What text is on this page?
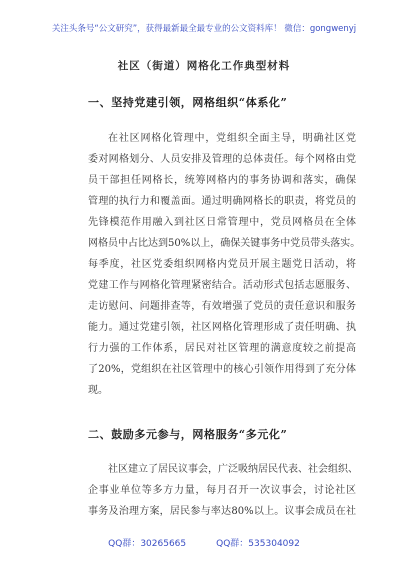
关注头条号“公文研究”，获得最新最全最专业的公文资料库！ 微信：gongwenyj
社区（街道）网格化工作典型材料
一、坚持党建引领，网格组织“体系化”
在社区网格化管理中，党组织全面主导，明确社区党
委对网格划分、人员安排及管理的总体责任。每个网格由党
员干部担任网格长，统筹网格内的事务协调和落实，确保
管理的执行力和覆盖面。通过明确网格长的职责，将党员的
先锋模范作用融入到社区日常管理中，党员网格员在全体
网格员中占比达到50%以上，确保关键事务中党员带头落实。
每季度，社区党委组织网格内党员开展主题党日活动，将
党建工作与网格化管理紧密结合。活动形式包括志愿服务、
走访慰问、问题排查等，有效增强了党员的责任意识和服务
能力。通过党建引领，社区网格化管理形成了责任明确、执
行力强的工作体系，居民对社区管理的满意度较之前提高
了20%，党组织在社区管理中的核心引领作用得到了充分体
现。
二、鼓励多元参与，网格服务“多元化”
社区建立了居民议事会，广泛吸纳居民代表、社会组织、
企事业单位等多方力量，每月召开一次议事会，讨论社区
事务及治理方案，居民参与率达80%以上。议事会成员在社
QQ群：30265665	QQ群：535304092
